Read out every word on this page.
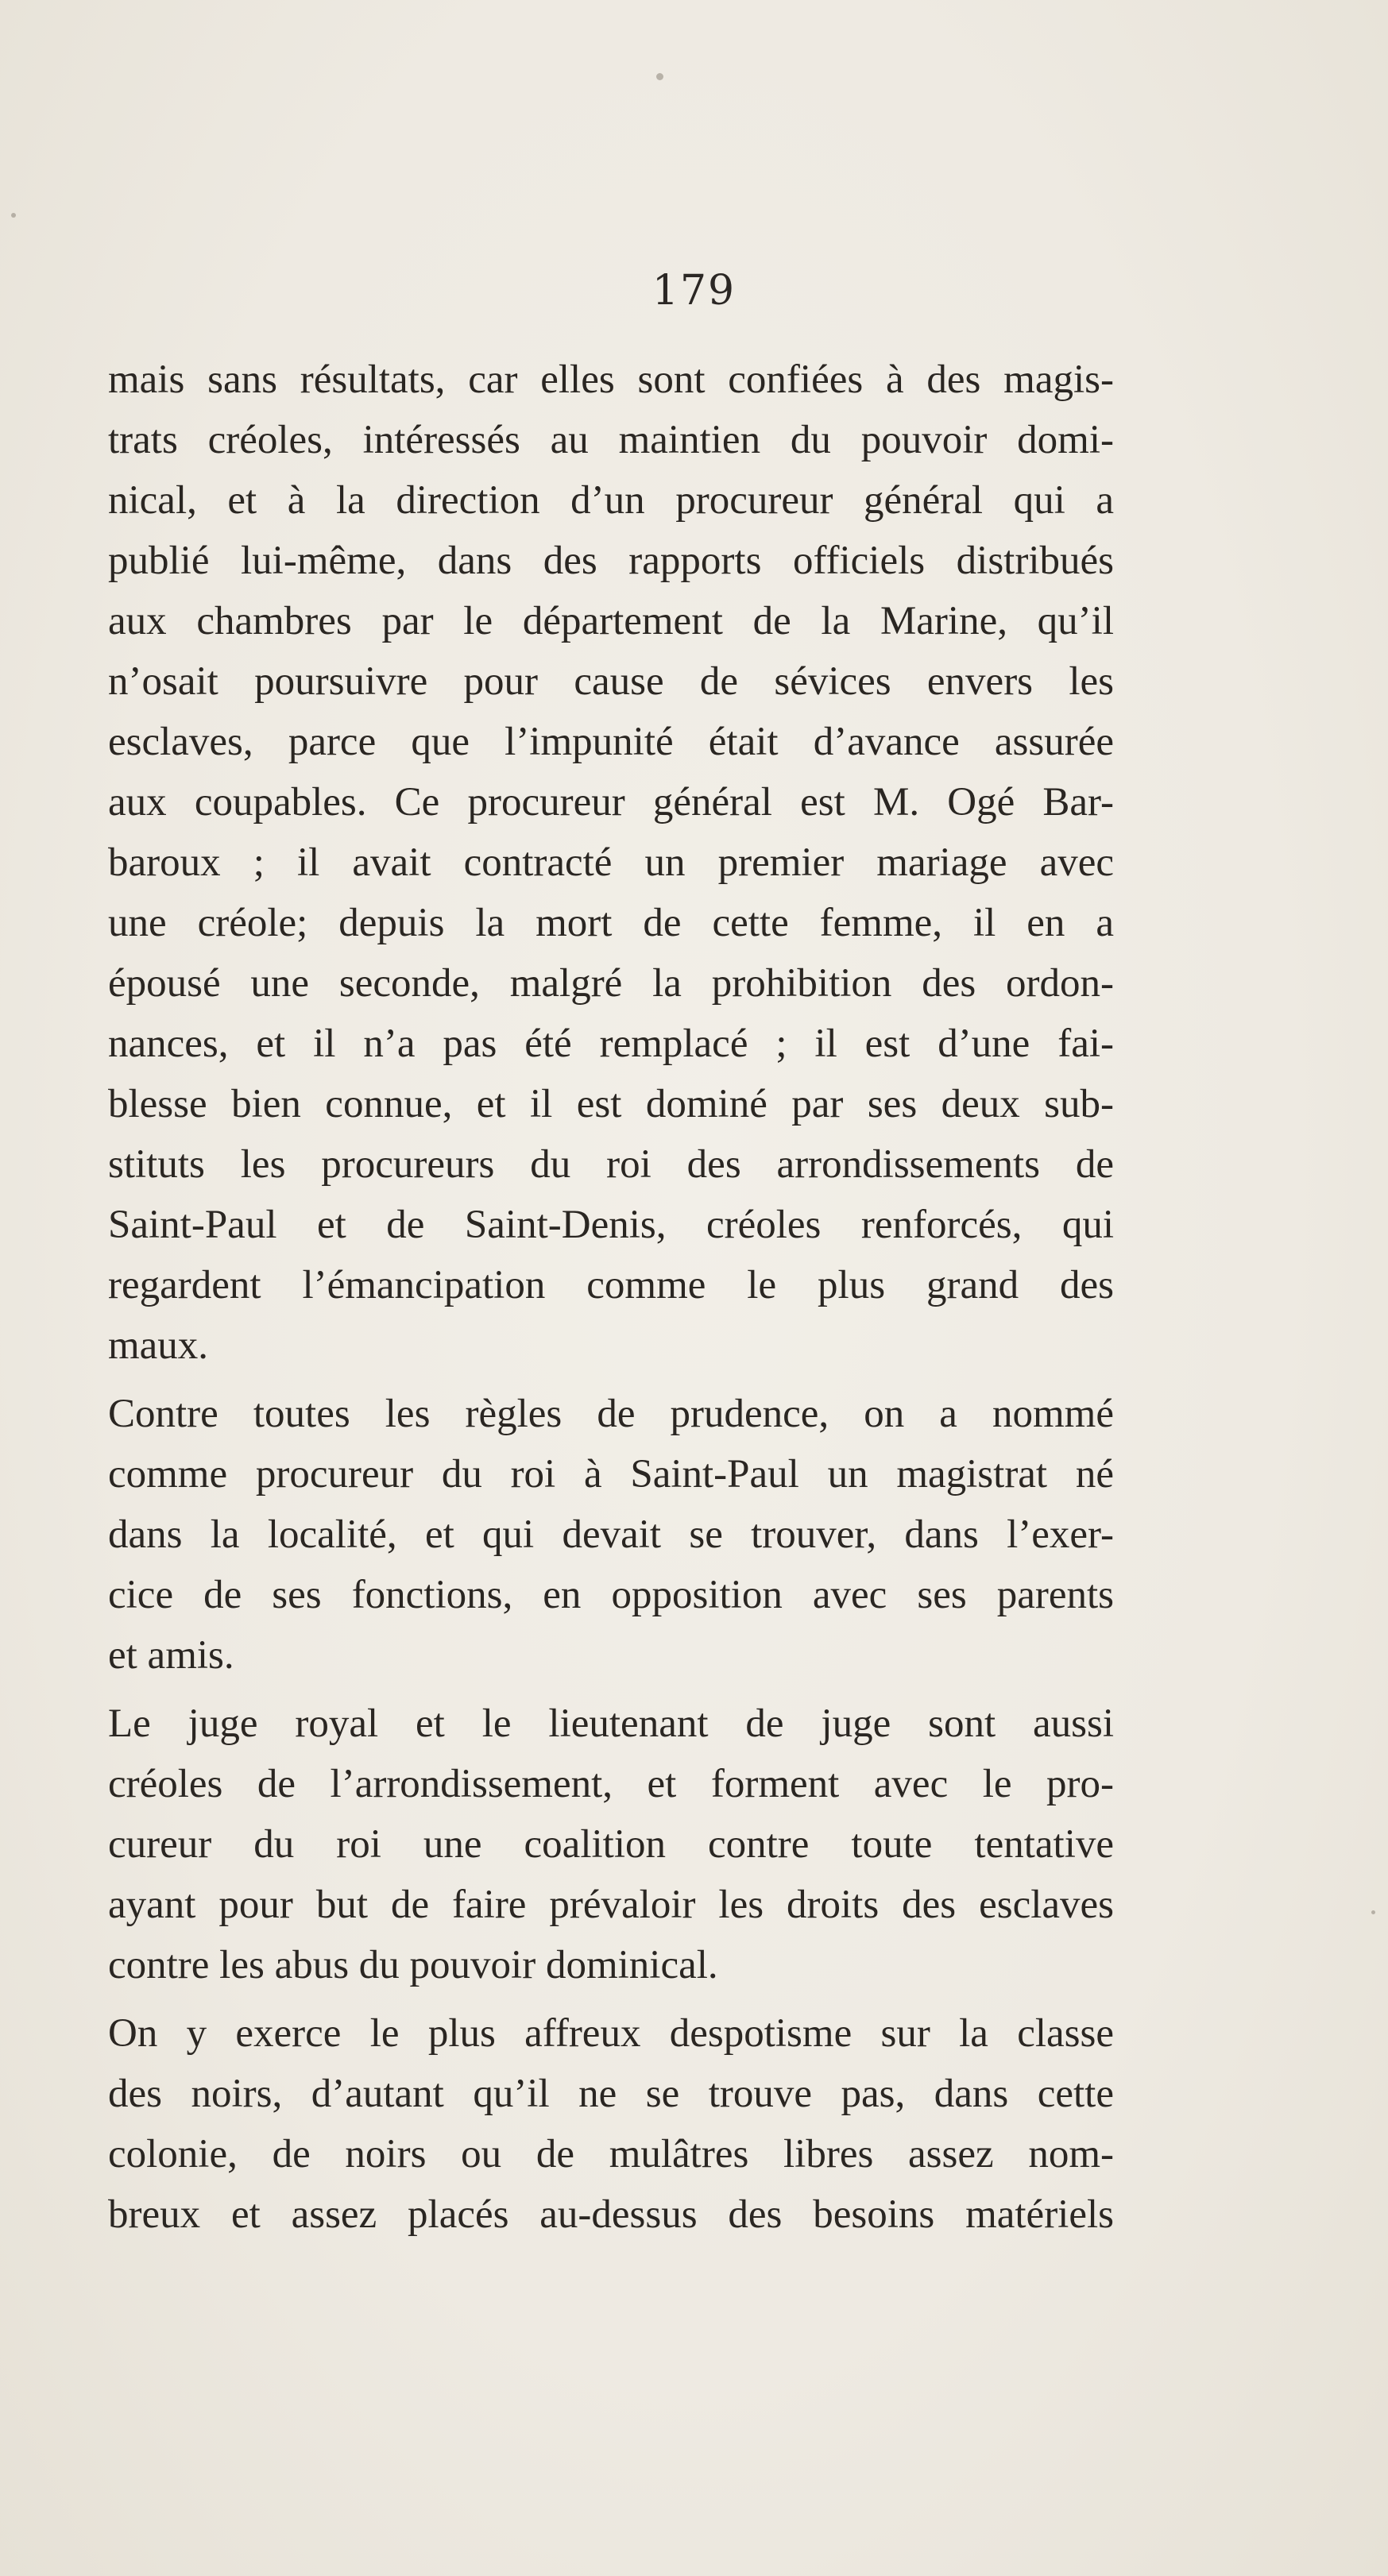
179
mais sans résultats, car elles sont confiées à des magis-
trats créoles, intéressés au maintien du pouvoir domi-
nical, et à la direction d’un procureur général qui a
publié lui-même, dans des rapports officiels distribués
aux chambres par le département de la Marine, qu’il
n’osait poursuivre pour cause de sévices envers les
esclaves, parce que l’impunité était d’avance assurée
aux coupables. Ce procureur général est M. Ogé Bar-
baroux ; il avait contracté un premier mariage avec
une créole; depuis la mort de cette femme, il en a
épousé une seconde, malgré la prohibition des ordon-
nances, et il n’a pas été remplacé ; il est d’une fai-
blesse bien connue, et il est dominé par ses deux sub-
stituts les procureurs du roi des arrondissements de
Saint-Paul et de Saint-Denis, créoles renforcés, qui
regardent l’émancipation comme le plus grand des
maux.
Contre toutes les règles de prudence, on a nommé
comme procureur du roi à Saint-Paul un magistrat né
dans la localité, et qui devait se trouver, dans l’exer-
cice de ses fonctions, en opposition avec ses parents
et amis.
Le juge royal et le lieutenant de juge sont aussi
créoles de l’arrondissement, et forment avec le pro-
cureur du roi une coalition contre toute tentative
ayant pour but de faire prévaloir les droits des esclaves
contre les abus du pouvoir dominical.
On y exerce le plus affreux despotisme sur la classe
des noirs, d’autant qu’il ne se trouve pas, dans cette
colonie, de noirs ou de mulâtres libres assez nom-
breux et assez placés au-dessus des besoins matériels
